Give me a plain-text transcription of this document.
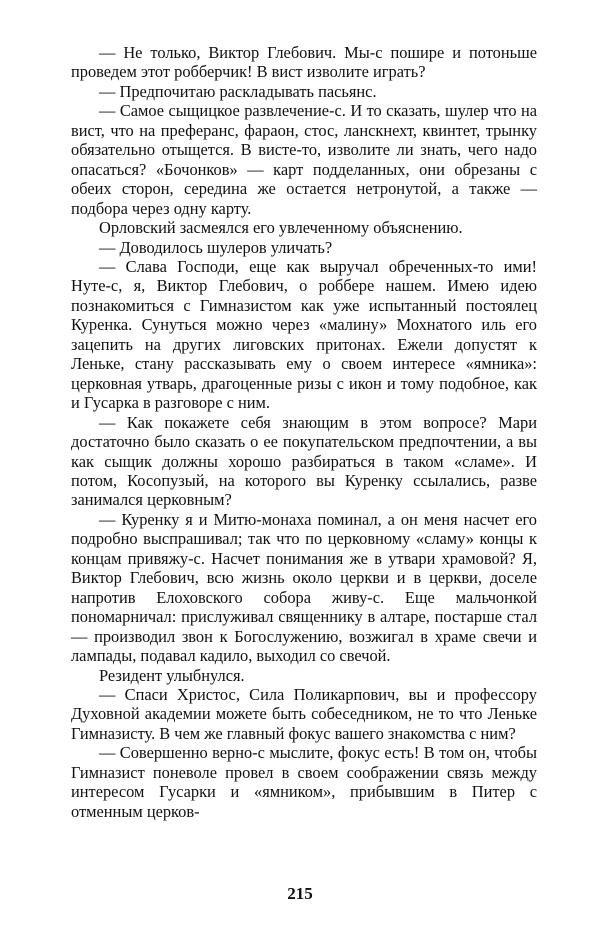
— Не только, Виктор Глебович. Мы-с пошире и потоньше проведем этот робберчик! В вист изволите играть?

— Предпочитаю раскладывать пасьянс.

— Самое сыщицкое развлечение-с. И то сказать, шулер что на вист, что на преферанс, фараон, стос, ланскнехт, квинтет, трынку обязательно отыщется. В висте-то, изволите ли знать, чего надо опасаться? «Бочонков» — карт подделанных, они обрезаны с обеих сторон, середина же остается нетронутой, а также — подбора через одну карту.

Орловский засмеялся его увлеченному объяснению.

— Доводилось шулеров уличать?

— Слава Господи, еще как выручал обреченных-то ими! Нуте-с, я, Виктор Глебович, о роббере нашем. Имею идею познакомиться с Гимназистом как уже испытанный постоялец Куренка. Сунуться можно через «малину» Мохнатого иль его зацепить на других лиговских притонах. Ежели допустят к Леньке, стану рассказывать ему о своем интересе «ямника»: церковная утварь, драгоценные ризы с икон и тому подобное, как и Гусарка в разговоре с ним.

— Как покажете себя знающим в этом вопросе? Мари достаточно было сказать о ее покупательском предпочтении, а вы как сыщик должны хорошо разбираться в таком «сламе». И потом, Косопузый, на которого вы Куренку ссылались, разве занимался церковным?

— Куренку я и Митю-монаха поминал, а он меня насчет его подробно выспрашивал; так что по церковному «сламу» концы к концам привяжу-с. Насчет понимания же в утвари храмовой? Я, Виктор Глебович, всю жизнь около церкви и в церкви, доселе напротив Елоховского собора живу-с. Еще мальчонкой пономарничал: прислуживал священнику в алтаре, постарше стал — производил звон к Богослужению, возжигал в храме свечи и лампады, подавал кадило, выходил со свечой.

Резидент улыбнулся.

— Спаси Христос, Сила Поликарпович, вы и профессору Духовной академии можете быть собеседником, не то что Леньке Гимназисту. В чем же главный фокус вашего знакомства с ним?

— Совершенно верно-с мыслите, фокус есть! В том он, чтобы Гимназист поневоле провел в своем соображении связь между интересом Гусарки и «ямником», прибывшим в Питер с отменным церков-

215
